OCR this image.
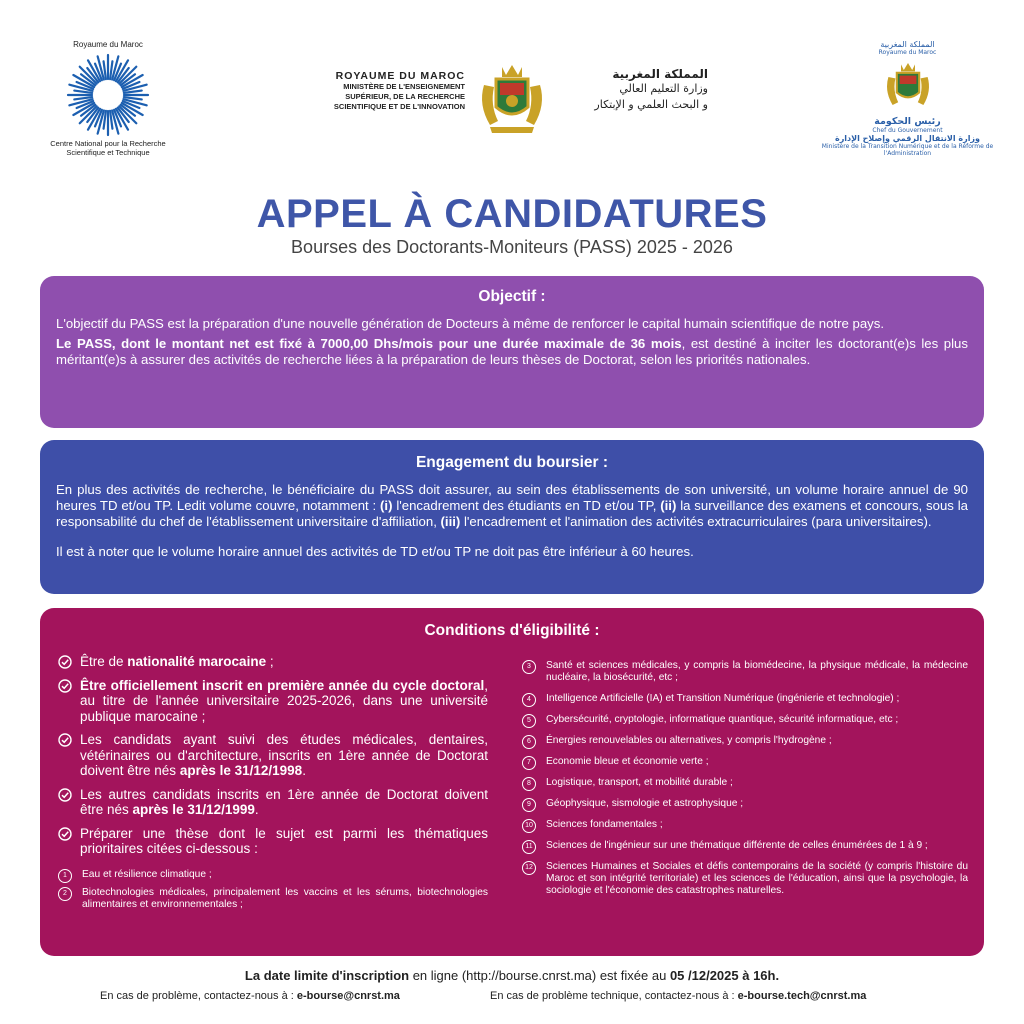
Royaume du Maroc
Centre National pour la Recherche Scientifique et Technique
ROYAUME DU MAROC
MINISTÈRE DE L'ENSEIGNEMENT SUPÉRIEUR, DE LA RECHERCHE SCIENTIFIQUE ET DE L'INNOVATION
المملكة المغربية
وزارة التعليم العالي
و البحث العلمي و الإبتكار
المملكة المغربية
Royaume du Maroc
رئيس الحكومة
Chef du Gouvernement
وزارة الانتقال الرقمي وإصلاح الإدارة
Ministère de la Transition Numérique et de la Réforme de l'Administration
APPEL À CANDIDATURES
Bourses des Doctorants-Moniteurs (PASS) 2025 - 2026
Objectif :

L'objectif du PASS est la préparation d'une nouvelle génération de Docteurs à même de renforcer le capital humain scientifique de notre pays.

Le PASS, dont le montant net est fixé à 7000,00 Dhs/mois pour une durée maximale de 36 mois, est destiné à inciter les doctorant(e)s les plus méritant(e)s à assurer des activités de recherche liées à la préparation de leurs thèses de Doctorat, selon les priorités nationales.

Engagement du boursier :

En plus des activités de recherche, le bénéficiaire du PASS doit assurer, au sein des établissements de son université, un volume horaire annuel de 90 heures TD et/ou TP. Ledit volume couvre, notamment : (i) l'encadrement des étudiants en TD et/ou TP, (ii) la surveillance des examens et concours, sous la responsabilité du chef de l'établissement universitaire d'affiliation, (iii) l'encadrement et l'animation des activités extracurriculaires (para universitaires).

Il est à noter que le volume horaire annuel des activités de TD et/ou TP ne doit pas être inférieur à 60 heures.

Conditions d'éligibilité :
Être de nationalité marocaine ;
Être officiellement inscrit en première année du cycle doctoral, au titre de l'année universitaire 2025-2026, dans une université publique marocaine ;
Les candidats ayant suivi des études médicales, dentaires, vétérinaires ou d'architecture, inscrits en 1ère année de Doctorat doivent être nés après le 31/12/1998.
Les autres candidats inscrits en 1ère année de Doctorat doivent être nés après le 31/12/1999.
Préparer une thèse dont le sujet est parmi les thématiques prioritaires citées ci-dessous :
1	Eau et résilience climatique ;
2	Biotechnologies médicales, principalement les vaccins et les sérums, biotechnologies alimentaires et environnementales ;
3	Santé et sciences médicales, y compris la biomédecine, la physique médicale, la médecine nucléaire, la biosécurité, etc ;
4	Intelligence Artificielle (IA) et Transition Numérique (ingénierie et technologie) ;
5	Cybersécurité, cryptologie, informatique quantique, sécurité informatique, etc ;
6	Énergies renouvelables ou alternatives, y compris l'hydrogène ;
7	Economie bleue et économie verte ;
8	Logistique, transport, et mobilité durable ;
9	Géophysique, sismologie et astrophysique ;
10	Sciences fondamentales ;
11	Sciences de l'ingénieur sur une thématique différente de celles énumérées de 1 à 9 ;
12	Sciences Humaines et Sociales et défis contemporains de la société (y compris l'histoire du Maroc et son intégrité territoriale) et les sciences de l'éducation, ainsi que la psychologie, la sociologie et l'économie des catastrophes naturelles.
La date limite d'inscription en ligne (http://bourse.cnrst.ma) est fixée au 05 /12/2025 à 16h.
En cas de problème, contactez-nous à : e-bourse@cnrst.ma	En cas de problème technique, contactez-nous à : e-bourse.tech@cnrst.ma
